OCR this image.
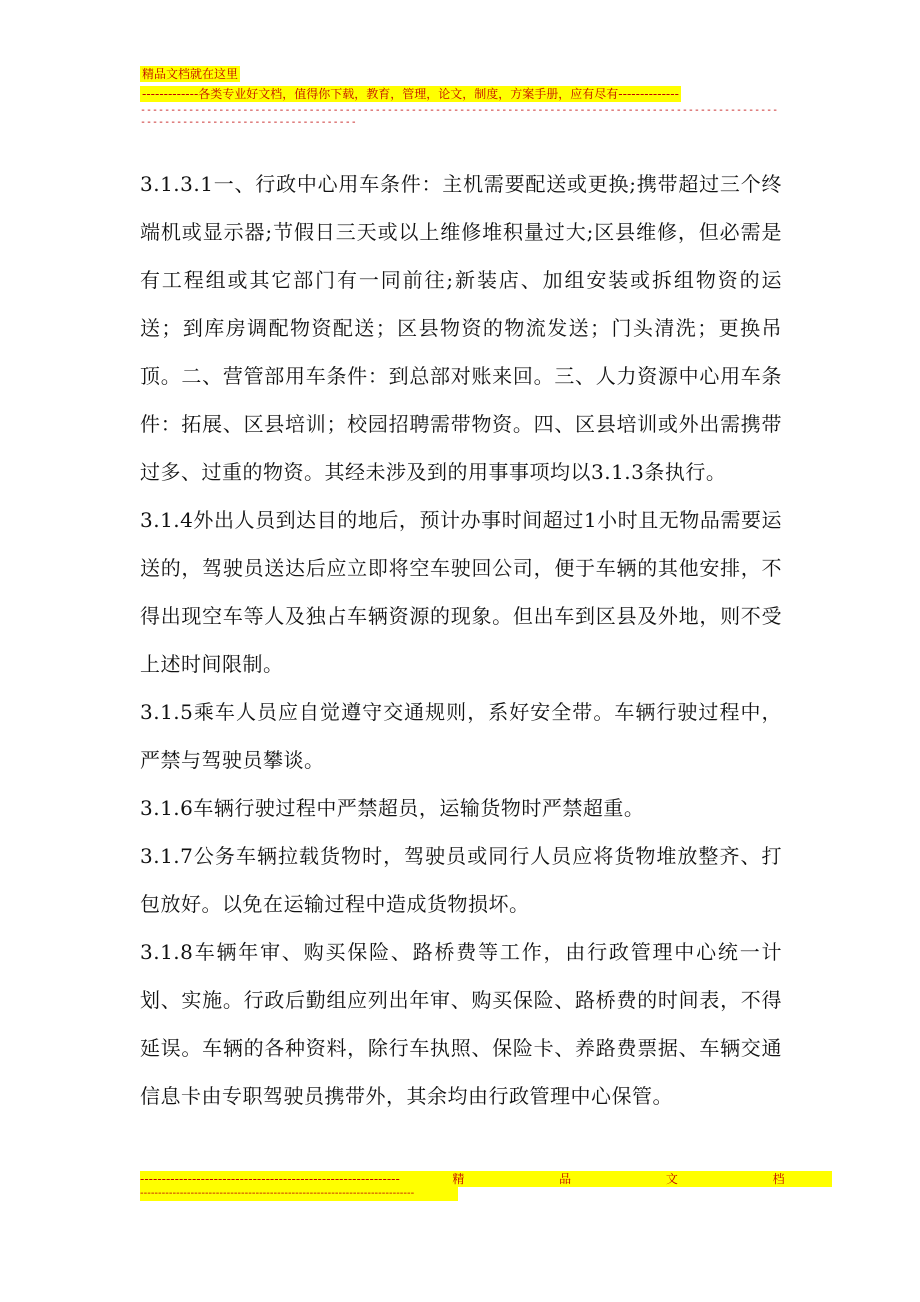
精品文档就在这里
-------------各类专业好文档，值得你下载，教育，管理，论文，制度，方案手册，应有尽有--------------
----------------------------------------------------------------------------------------------------------------------------------------------

3.1.3.1一、行政中心用车条件：主机需要配送或更换;携带超过三个终端机或显示器;节假日三天或以上维修堆积量过大;区县维修，但必需是有工程组或其它部门有一同前往;新装店、加组安装或拆组物资的运送；到库房调配物资配送；区县物资的物流发送；门头清洗；更换吊顶。二、营管部用车条件：到总部对账来回。三、人力资源中心用车条件：拓展、区县培训；校园招聘需带物资。四、区县培训或外出需携带过多、过重的物资。其经未涉及到的用事事项均以3.1.3条执行。

3.1.4外出人员到达目的地后，预计办事时间超过1小时且无物品需要运送的，驾驶员送达后应立即将空车驶回公司，便于车辆的其他安排，不得出现空车等人及独占车辆资源的现象。但出车到区县及外地，则不受上述时间限制。

3.1.5乘车人员应自觉遵守交通规则，系好安全带。车辆行驶过程中，严禁与驾驶员攀谈。

3.1.6车辆行驶过程中严禁超员，运输货物时严禁超重。

3.1.7公务车辆拉载货物时，驾驶员或同行人员应将货物堆放整齐、打包放好。以免在运输过程中造成货物损坏。

3.1.8车辆年审、购买保险、路桥费等工作，由行政管理中心统一计划、实施。行政后勤组应列出年审、购买保险、路桥费的时间表，不得延误。车辆的各种资料，除行车执照、保险卡、养路费票据、车辆交通信息卡由专职驾驶员携带外，其余均由行政管理中心保管。

------------------------------------------------------------	精	品	文	档
----------------------------------------------------------------------------
